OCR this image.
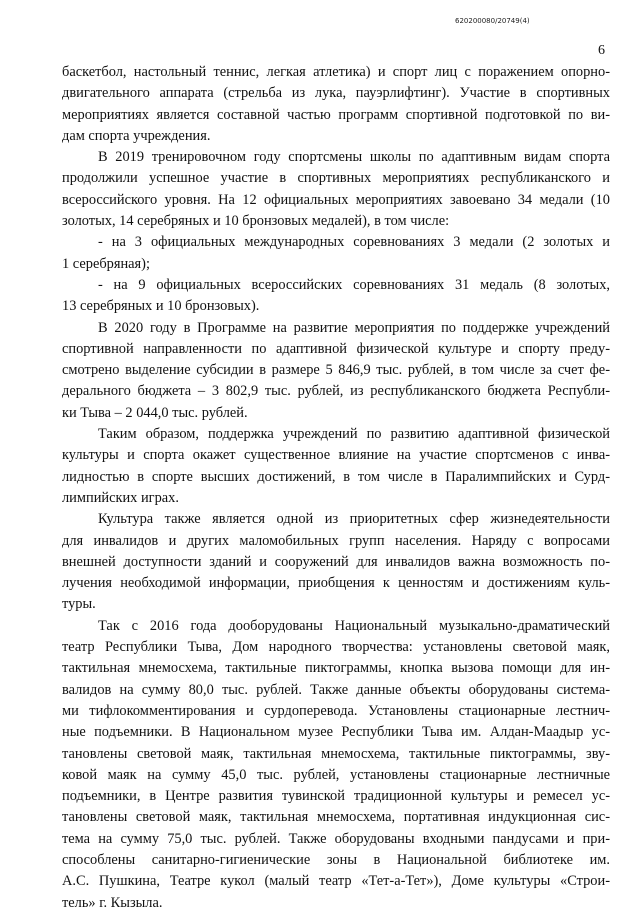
620200080/20749(4)
6
баскетбол, настольный теннис, легкая атлетика) и спорт лиц с поражением опорно-
двигательного аппарата (стрельба из лука, пауэрлифтинг). Участие в спортивных
мероприятиях является составной частью программ спортивной подготовкой по ви-
дам спорта учреждения.
В 2019 тренировочном году спортсмены школы по адаптивным видам спорта
продолжили успешное участие в спортивных мероприятиях республиканского и
всероссийского уровня. На 12 официальных мероприятиях завоевано 34 медали (10
золотых, 14 серебряных и 10 бронзовых медалей), в том числе:
- на 3 официальных международных соревнованиях 3 медали (2 золотых и
1 серебряная);
- на 9 официальных всероссийских соревнованиях 31 медаль (8 золотых,
13 серебряных и 10 бронзовых).
В 2020 году в Программе на развитие мероприятия по поддержке учреждений
спортивной направленности по адаптивной физической культуре и спорту преду-
смотрено выделение субсидии в размере 5 846,9 тыс. рублей, в том числе за счет фе-
дерального бюджета – 3 802,9 тыс. рублей, из республиканского бюджета Республи-
ки Тыва – 2 044,0 тыс. рублей.
Таким образом, поддержка учреждений по развитию адаптивной физической
культуры и спорта окажет существенное влияние на участие спортсменов с инва-
лидностью в спорте высших достижений, в том числе в Паралимпийских и Сурд-
лимпийских играх.
Культура также является одной из приоритетных сфер жизнедеятельности
для инвалидов и других маломобильных групп населения. Наряду с вопросами
внешней доступности зданий и сооружений для инвалидов важна возможность по-
лучения необходимой информации, приобщения к ценностям и достижениям куль-
туры.
Так с 2016 года дооборудованы Национальный музыкально-драматический
театр Республики Тыва, Дом народного творчества: установлены световой маяк,
тактильная мнемосхема, тактильные пиктограммы, кнопка вызова помощи для ин-
валидов на сумму 80,0 тыс. рублей. Также данные объекты оборудованы система-
ми тифлокомментирования и сурдоперевода. Установлены стационарные лестнич-
ные подъемники. В Национальном музее Республики Тыва им. Алдан-Маадыр ус-
тановлены световой маяк, тактильная мнемосхема, тактильные пиктограммы, зву-
ковой маяк на сумму 45,0 тыс. рублей, установлены стационарные лестничные
подъемники, в Центре развития тувинской традиционной культуры и ремесел ус-
тановлены световой маяк, тактильная мнемосхема, портативная индукционная сис-
тема на сумму 75,0 тыс. рублей. Также оборудованы входными пандусами и при-
способлены санитарно-гигиенические зоны в Национальной библиотеке им.
А.С. Пушкина, Театре кукол (малый театр «Тет-а-Тет»), Доме культуры «Строи-
тель» г. Кызыла.
